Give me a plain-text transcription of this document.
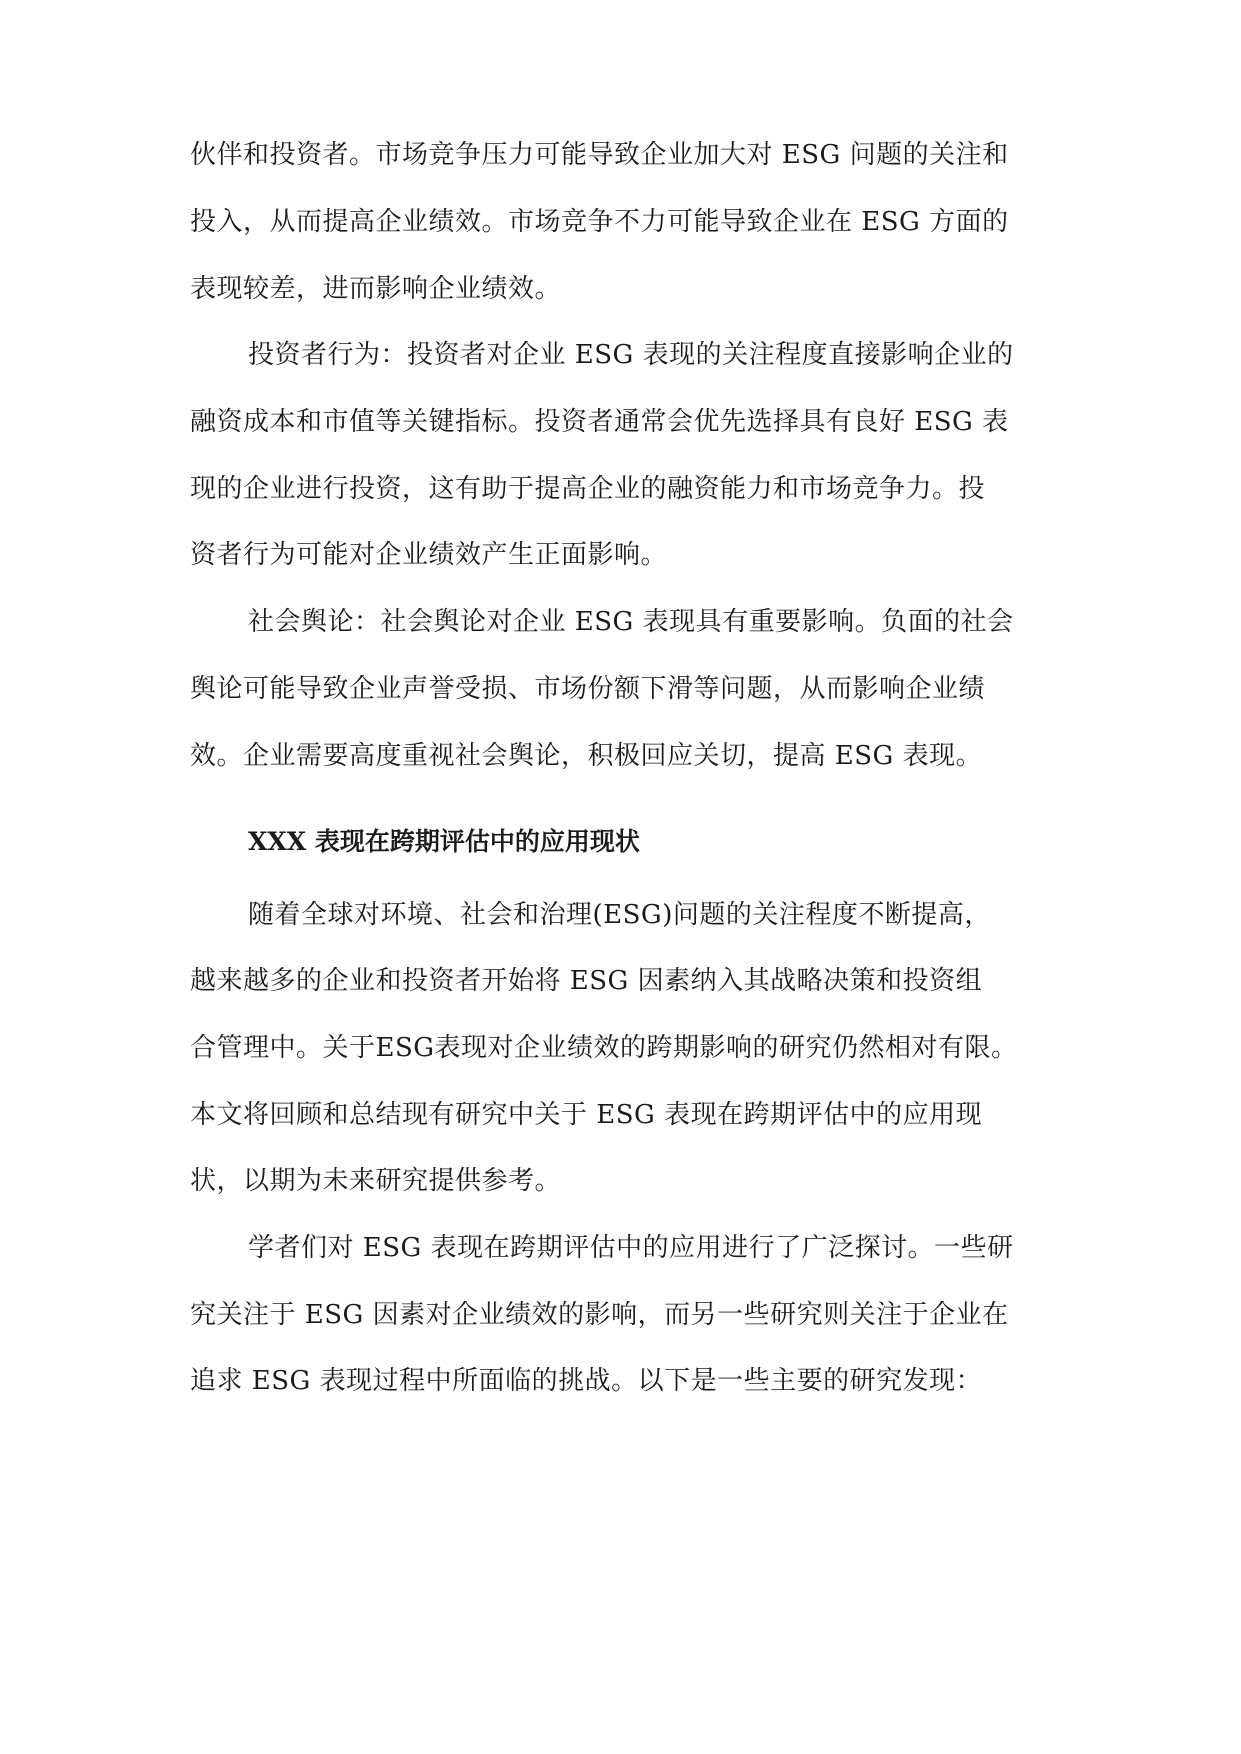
伙伴和投资者。市场竞争压力可能导致企业加大对 ESG 问题的关注和
投入，从而提高企业绩效。市场竞争不力可能导致企业在 ESG 方面的
表现较差，进而影响企业绩效。
投资者行为：投资者对企业 ESG 表现的关注程度直接影响企业的
融资成本和市值等关键指标。投资者通常会优先选择具有良好 ESG 表
现的企业进行投资，这有助于提高企业的融资能力和市场竞争力。投
资者行为可能对企业绩效产生正面影响。
社会舆论：社会舆论对企业 ESG 表现具有重要影响。负面的社会
舆论可能导致企业声誉受损、市场份额下滑等问题，从而影响企业绩
效。企业需要高度重视社会舆论，积极回应关切，提高 ESG 表现。
XXX 表现在跨期评估中的应用现状
随着全球对环境、社会和治理(ESG)问题的关注程度不断提高，
越来越多的企业和投资者开始将 ESG 因素纳入其战略决策和投资组
合管理中。关于ESG表现对企业绩效的跨期影响的研究仍然相对有限。
本文将回顾和总结现有研究中关于 ESG 表现在跨期评估中的应用现
状，以期为未来研究提供参考。
学者们对 ESG 表现在跨期评估中的应用进行了广泛探讨。一些研
究关注于 ESG 因素对企业绩效的影响，而另一些研究则关注于企业在
追求 ESG 表现过程中所面临的挑战。以下是一些主要的研究发现：
